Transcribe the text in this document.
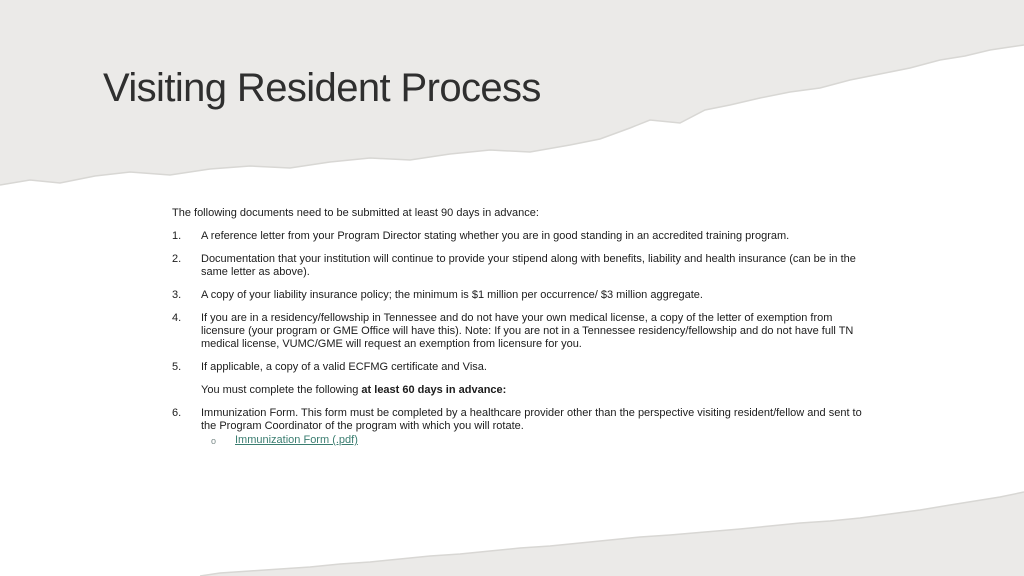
Visiting Resident Process

The following documents need to be submitted at least 90 days in advance:

1. A reference letter from your Program Director stating whether you are in good standing in an accredited training program.
2. Documentation that your institution will continue to provide your stipend along with benefits, liability and health insurance (can be in the same letter as above).
3. A copy of your liability insurance policy; the minimum is $1 million per occurrence/ $3 million aggregate.
4. If you are in a residency/fellowship in Tennessee and do not have your own medical license, a copy of the letter of exemption from licensure (your program or GME Office will have this). Note: If you are not in a Tennessee residency/fellowship and do not have full TN medical license, VUMC/GME will request an exemption from licensure for you.
5. If applicable, a copy of a valid ECFMG certificate and Visa.

You must complete the following at least 60 days in advance:

6. Immunization Form. This form must be completed by a healthcare provider other than the perspective visiting resident/fellow and sent to the Program Coordinator of the program with which you will rotate.
o Immunization Form (.pdf)
